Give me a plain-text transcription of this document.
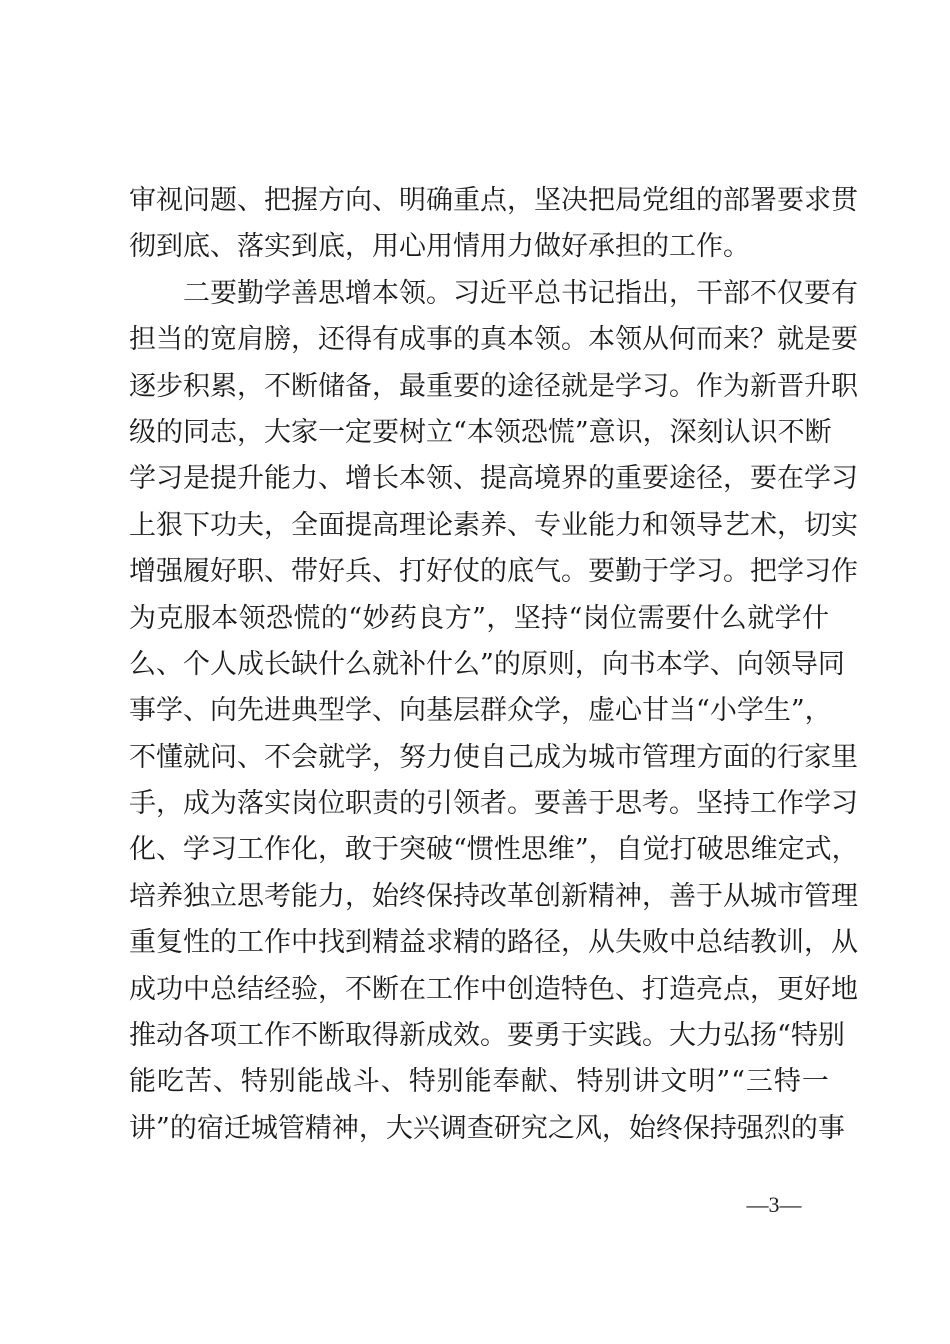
审 视 问 题 、 把 握 方 向 、 明 确 重 点 ， 坚 决 把 局 党 组 的 部 署 要 求 贯
彻到底、落实到底，用心用情用力做好承担的工作。
二 要 勤 学 善 思 增 本 领 。 习 近 平 总 书 记 指 出 ， 干 部 不 仅 要 有
担 当 的 宽 肩 膀 ， 还 得 有 成 事 的 真 本 领 。 本 领 从 何 而 来 ？ 就 是 要
逐 步 积 累 ， 不 断 储 备 ， 最 重 要 的 途 径 就 是 学 习 。 作 为 新 晋 升 职
级 的 同 志 ， 大 家 一 定 要 树 立 “ 本 领 恐 慌 ” 意 识 ， 深 刻 认 识 不 断
学 习 是 提 升 能 力 、 增 长 本 领 、 提 高 境 界 的 重 要 途 径 ， 要 在 学 习
上 狠 下 功 夫 ， 全 面 提 高 理 论 素 养 、 专 业 能 力 和 领 导 艺 术 ， 切 实
增 强 履 好 职 、 带 好 兵 、 打 好 仗 的 底 气 。 要 勤 于 学 习 。 把 学 习 作
为 克 服 本 领 恐 慌 的 “ 妙 药 良 方 ” ， 坚 持 “ 岗 位 需 要 什 么 就 学 什
么 、 个 人 成 长 缺 什 么 就 补 什 么 ” 的 原 则 ， 向 书 本 学 、 向 领 导 同
事 学 、 向 先 进 典 型 学 、 向 基 层 群 众 学 ， 虚 心 甘 当 “ 小 学 生 ” ，
不 懂 就 问 、 不 会 就 学 ， 努 力 使 自 己 成 为 城 市 管 理 方 面 的 行 家 里
手 ， 成 为 落 实 岗 位 职 责 的 引 领 者 。 要 善 于 思 考 。 坚 持 工 作 学 习
化 、 学 习 工 作 化 ， 敢 于 突 破 “ 惯 性 思 维 ” ， 自 觉 打 破 思 维 定 式 ，
培 养 独 立 思 考 能 力 ， 始 终 保 持 改 革 创 新 精 神 ， 善 于 从 城 市 管 理
重 复 性 的 工 作 中 找 到 精 益 求 精 的 路 径 ， 从 失 败 中 总 结 教 训 ， 从
成 功 中 总 结 经 验 ， 不 断 在 工 作 中 创 造 特 色 、 打 造 亮 点 ， 更 好 地
推 动 各 项 工 作 不 断 取 得 新 成 效 。 要 勇 于 实 践 。 大 力 弘 扬 “ 特 别
能 吃 苦 、 特 别 能 战 斗 、 特 别 能 奉 献 、 特 别 讲 文 明 ” “ 三 特 一
讲 ” 的 宿 迁 城 管 精 神 ， 大 兴 调 查 研 究 之 风 ， 始 终 保 持 强 烈 的 事
—3—
